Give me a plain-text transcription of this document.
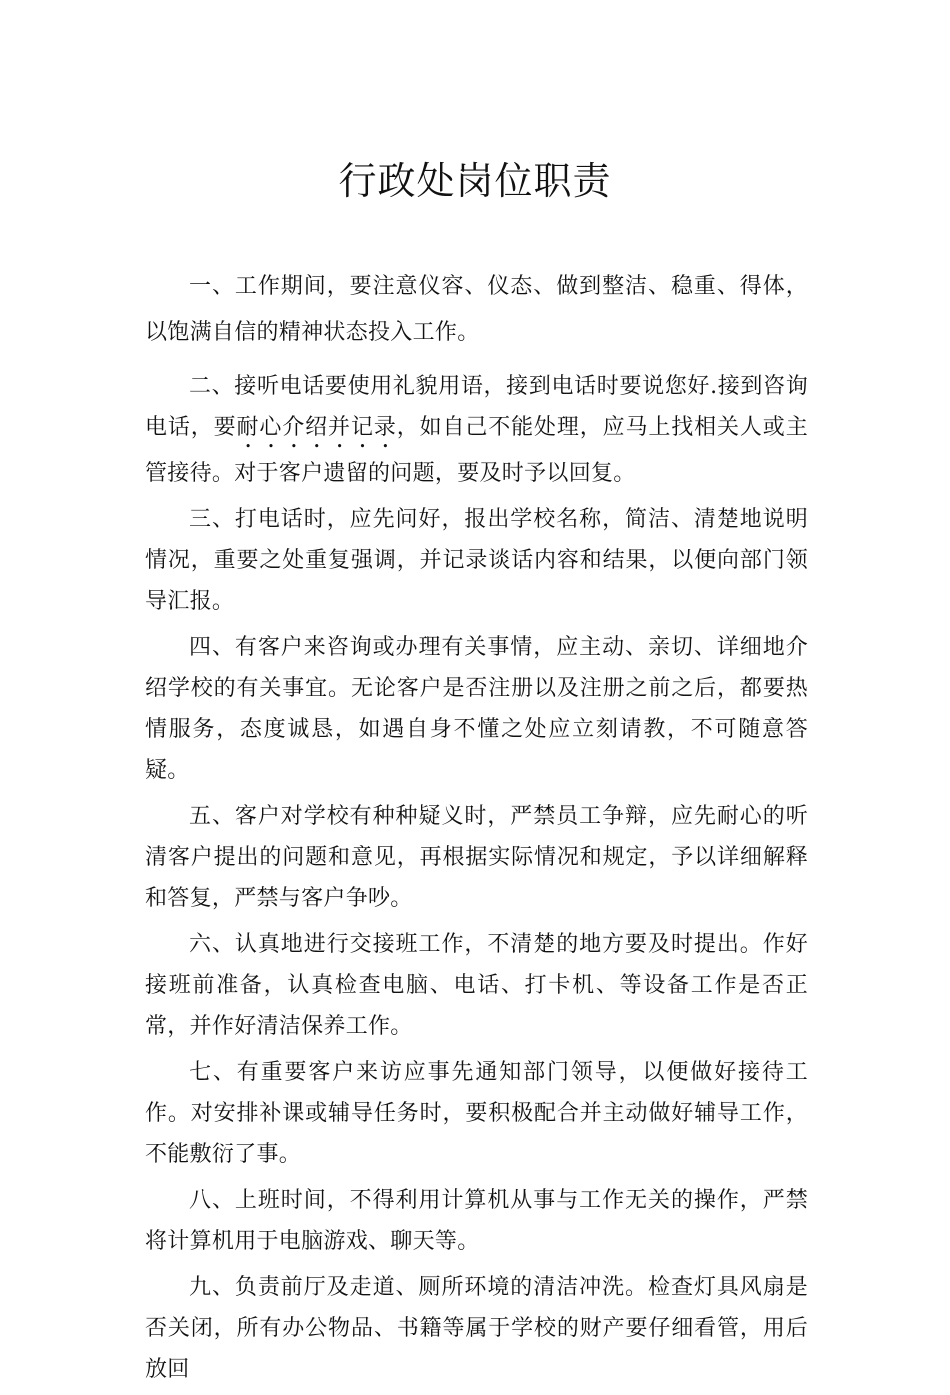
行政处岗位职责

一、工作期间，要注意仪容、仪态、做到整洁、稳重、得体，以饱满自信的精神状态投入工作。

二、接听电话要使用礼貌用语，接到电话时要说您好.接到咨询电话，要耐心介绍并记录，如自己不能处理，应马上找相关人或主管接待。对于客户遗留的问题，要及时予以回复。

三、打电话时，应先问好，报出学校名称，简洁、清楚地说明情况，重要之处重复强调，并记录谈话内容和结果，以便向部门领导汇报。

四、有客户来咨询或办理有关事情，应主动、亲切、详细地介绍学校的有关事宜。无论客户是否注册以及注册之前之后，都要热情服务，态度诚恳，如遇自身不懂之处应立刻请教，不可随意答疑。

五、客户对学校有种种疑义时，严禁员工争辩，应先耐心的听清客户提出的问题和意见，再根据实际情况和规定，予以详细解释和答复，严禁与客户争吵。

六、认真地进行交接班工作，不清楚的地方要及时提出。作好接班前准备，认真检查电脑、电话、打卡机、等设备工作是否正常，并作好清洁保养工作。

七、有重要客户来访应事先通知部门领导，以便做好接待工作。对安排补课或辅导任务时，要积极配合并主动做好辅导工作，不能敷衍了事。

八、上班时间，不得利用计算机从事与工作无关的操作，严禁将计算机用于电脑游戏、聊天等。

九、负责前厅及走道、厕所环境的清洁冲洗。检查灯具风扇是否关闭，所有办公物品、书籍等属于学校的财产要仔细看管，用后放回
